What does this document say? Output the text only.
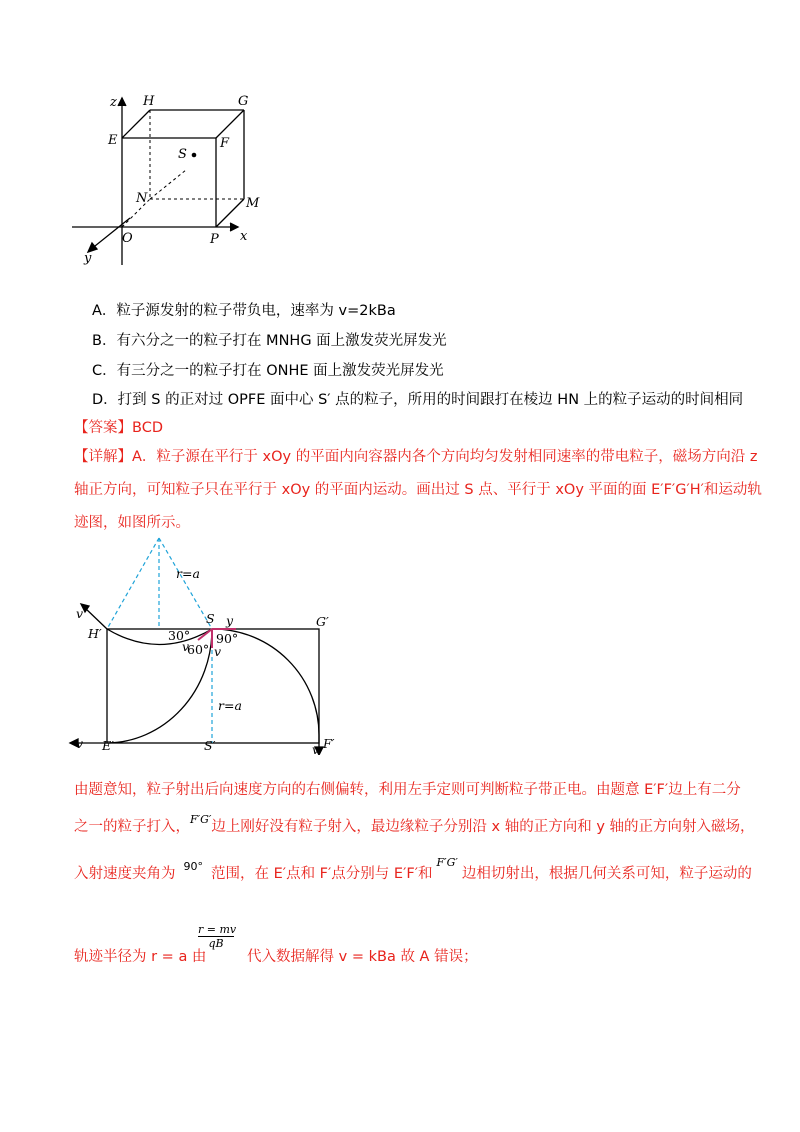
z H	G
E	F
S
N	M
O	P x
y
A．粒子源发射的粒子带负电，速率为 v=2kBa
B．有六分之一的粒子打在 MNHG 面上激发荧光屏发光
C．有三分之一的粒子打在 ONHE 面上激发荧光屏发光
D．打到 S 的正对过 OPFE 面中心 S′ 点的粒子，所用的时间跟打在棱边 HN 上的粒子运动的时间相同
【答案】BCD
【详解】A．粒子源在平行于 xOy 的平面内向容器内各个方向均匀发射相同速率的带电粒子，磁场方向沿 z
轴正方向，可知粒子只在平行于 xOy 的平面内运动。画出过 S 点、平行于 xOy 平面的面 E′F′G′H′和运动轨
迹图，如图所示。
r=a
r=a
v
H′
S y	G′
30° 90°
v
60° v
v E′	S′	F′
v
由题意知，粒子射出后向速度方向的右侧偏转，利用左手定则可判断粒子带正电。由题意 E′F′边上有二分
之一的粒子打入，$^{F'G'}$边上刚好没有粒子射入，最边缘粒子分别沿 x 轴的正方向和 y 轴的正方向射入磁场，
入射速度夹角为 $^{90^\circ}$ 范围，在 E′点和 F′点分别与 E′F′和$^{F'G'}$边相切射出，根据几何关系可知，粒子运动的
轨迹半径为 r = a 由
r = mv
qB
代入数据解得 v = kBa 故 A 错误；
